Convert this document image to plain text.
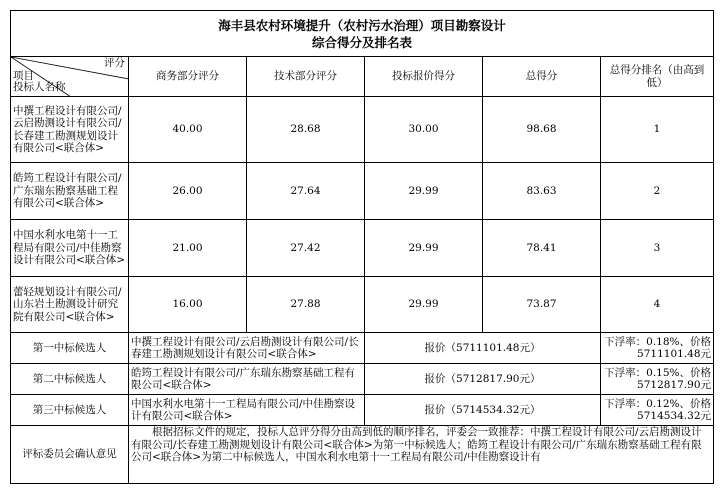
海丰县农村环境提升（农村污水治理）项目勘察设计
综合得分及排名表					

评分
项目
投标人名称	商务部分评分	技术部分评分	投标报价得分	总得分	总得分排名（由高到低）
中撰工程设计有限公司/云启勘测设计有限公司/长春建工勘测规划设计有限公司<联合体>	40.00	28.68	30.00	98.68	1
皓筠工程设计有限公司/广东瑞东勘察基础工程有限公司<联合体>	26.00	27.64	29.99	83.63	2
中国水利水电第十一工程局有限公司/中佳勘察设计有限公司<联合体>	21.00	27.42	29.99	78.41	3
蕾轻规划设计有限公司/山东岩土勘测设计研究院有限公司<联合体>	16.00	27.88	29.99	73.87	4
第一中标候选人	中撰工程设计有限公司/云启勘测设计有限公司/长春建工勘测规划设计有限公司<联合体>		报价（5711101.48元）		下浮率：0.18%、价格
5711101.48元

第二中标候选人	皓筠工程设计有限公司/广东瑞东勘察基础工程有限公司<联合体>		报价（5712817.90元）		下浮率：0.15%、价格
5712817.90元

第三中标候选人	中国水利水电第十一工程局有限公司/中佳勘察设计有限公司<联合体>		报价（5714534.32元）		下浮率：0.12%、价格
5714534.32元

评标委员会确认意见	根据招标文件的规定，投标人总评分得分由高到低的顺序排名，评委会一致推荐：中撰工程设计有限公司/云启勘测设计有限公司/长春建工勘测规划设计有限公司<联合体>为第一中标候选人；皓筠工程设计有限公司/广东瑞东勘察基础工程有限公司<联合体>为第二中标候选人，中国水利水电第十一工程局有限公司/中佳勘察设计有				
